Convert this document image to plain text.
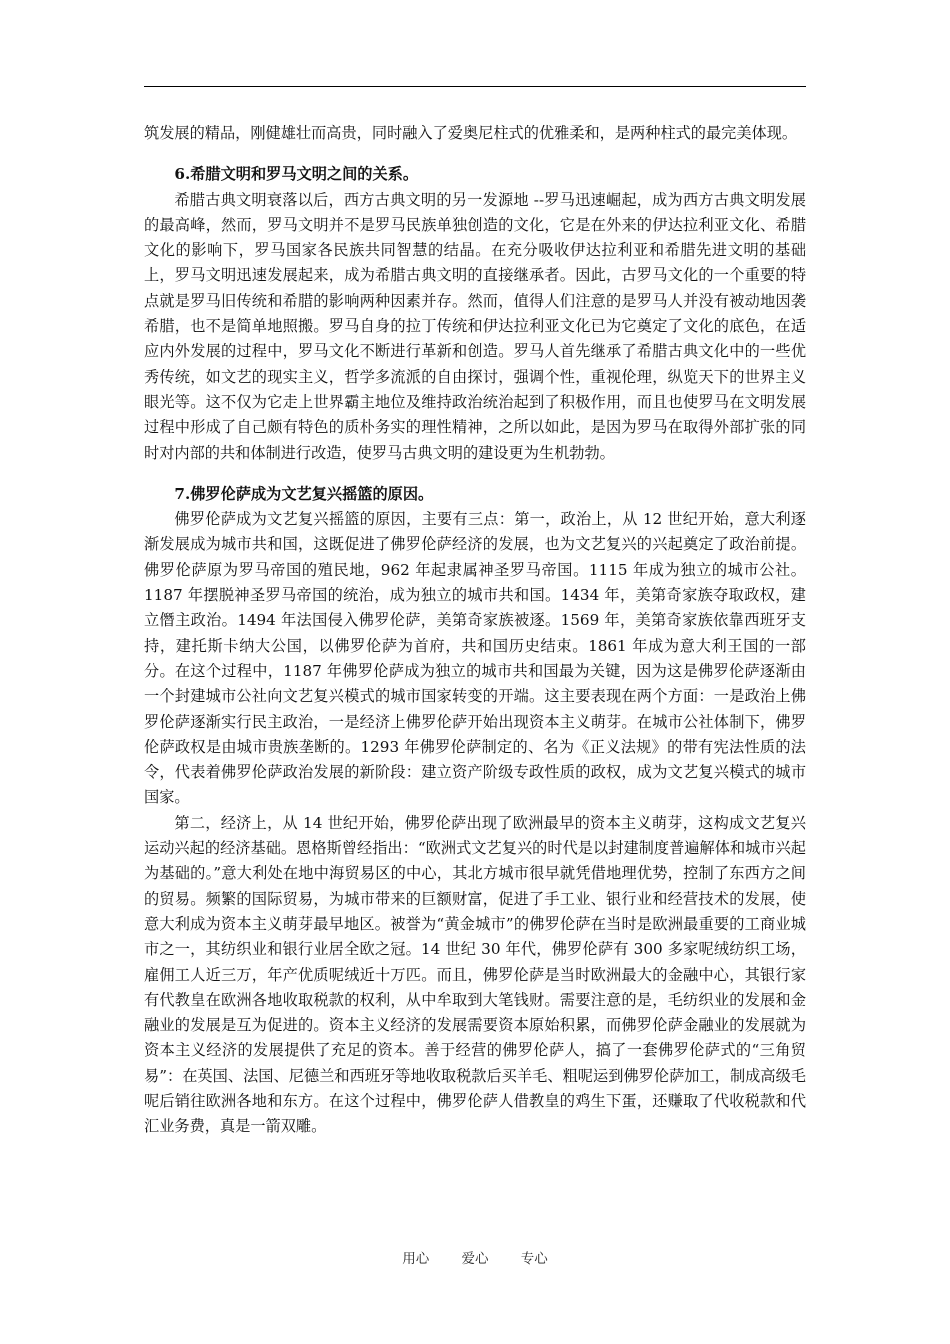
筑发展的精品，刚健雄壮而高贵，同时融入了爱奥尼柱式的优雅柔和，是两种柱式的最完美体现。

6.希腊文明和罗马文明之间的关系。

希腊古典文明衰落以后，西方古典文明的另一发源地 --罗马迅速崛起，成为西方古典文明发展的最高峰，然而，罗马文明并不是罗马民族单独创造的文化，它是在外来的伊达拉利亚文化、希腊文化的影响下，罗马国家各民族共同智慧的结晶。在充分吸收伊达拉利亚和希腊先进文明的基础上，罗马文明迅速发展起来，成为希腊古典文明的直接继承者。因此，古罗马文化的一个重要的特点就是罗马旧传统和希腊的影响两种因素并存。然而，值得人们注意的是罗马人并没有被动地因袭希腊，也不是简单地照搬。罗马自身的拉丁传统和伊达拉利亚文化已为它奠定了文化的底色，在适应内外发展的过程中，罗马文化不断进行革新和创造。罗马人首先继承了希腊古典文化中的一些优秀传统，如文艺的现实主义，哲学多流派的自由探讨，强调个性，重视伦理，纵览天下的世界主义眼光等。这不仅为它走上世界霸主地位及维持政治统治起到了积极作用，而且也使罗马在文明发展过程中形成了自己颇有特色的质朴务实的理性精神，之所以如此，是因为罗马在取得外部扩张的同时对内部的共和体制进行改造，使罗马古典文明的建设更为生机勃勃。

7.佛罗伦萨成为文艺复兴摇篮的原因。

佛罗伦萨成为文艺复兴摇篮的原因，主要有三点：第一，政治上，从 12 世纪开始，意大利逐渐发展成为城市共和国，这既促进了佛罗伦萨经济的发展，也为文艺复兴的兴起奠定了政治前提。佛罗伦萨原为罗马帝国的殖民地，962 年起隶属神圣罗马帝国。1115 年成为独立的城市公社。1187 年摆脱神圣罗马帝国的统治，成为独立的城市共和国。1434 年，美第奇家族夺取政权，建立僭主政治。1494 年法国侵入佛罗伦萨，美第奇家族被逐。1569 年，美第奇家族依靠西班牙支持，建托斯卡纳大公国，以佛罗伦萨为首府，共和国历史结束。1861 年成为意大利王国的一部分。在这个过程中，1187 年佛罗伦萨成为独立的城市共和国最为关键，因为这是佛罗伦萨逐渐由一个封建城市公社向文艺复兴模式的城市国家转变的开端。这主要表现在两个方面：一是政治上佛罗伦萨逐渐实行民主政治，一是经济上佛罗伦萨开始出现资本主义萌芽。在城市公社体制下，佛罗伦萨政权是由城市贵族垄断的。1293 年佛罗伦萨制定的、名为《正义法规》的带有宪法性质的法令，代表着佛罗伦萨政治发展的新阶段：建立资产阶级专政性质的政权，成为文艺复兴模式的城市国家。

第二，经济上，从 14 世纪开始，佛罗伦萨出现了欧洲最早的资本主义萌芽，这构成文艺复兴运动兴起的经济基础。恩格斯曾经指出：“欧洲式文艺复兴的时代是以封建制度普遍解体和城市兴起为基础的。”意大利处在地中海贸易区的中心，其北方城市很早就凭借地理优势，控制了东西方之间的贸易。频繁的国际贸易，为城市带来的巨额财富，促进了手工业、银行业和经营技术的发展，使意大利成为资本主义萌芽最早地区。被誉为“黄金城市”的佛罗伦萨在当时是欧洲最重要的工商业城市之一，其纺织业和银行业居全欧之冠。14 世纪 30 年代，佛罗伦萨有 300 多家呢绒纺织工场，雇佣工人近三万，年产优质呢绒近十万匹。而且，佛罗伦萨是当时欧洲最大的金融中心，其银行家有代教皇在欧洲各地收取税款的权利，从中牟取到大笔钱财。需要注意的是，毛纺织业的发展和金融业的发展是互为促进的。资本主义经济的发展需要资本原始积累，而佛罗伦萨金融业的发展就为资本主义经济的发展提供了充足的资本。善于经营的佛罗伦萨人，搞了一套佛罗伦萨式的“三角贸易”：在英国、法国、尼德兰和西班牙等地收取税款后买羊毛、粗呢运到佛罗伦萨加工，制成高级毛呢后销往欧洲各地和东方。在这个过程中，佛罗伦萨人借教皇的鸡生下蛋，还赚取了代收税款和代汇业务费，真是一箭双雕。

用心 爱心 专心
